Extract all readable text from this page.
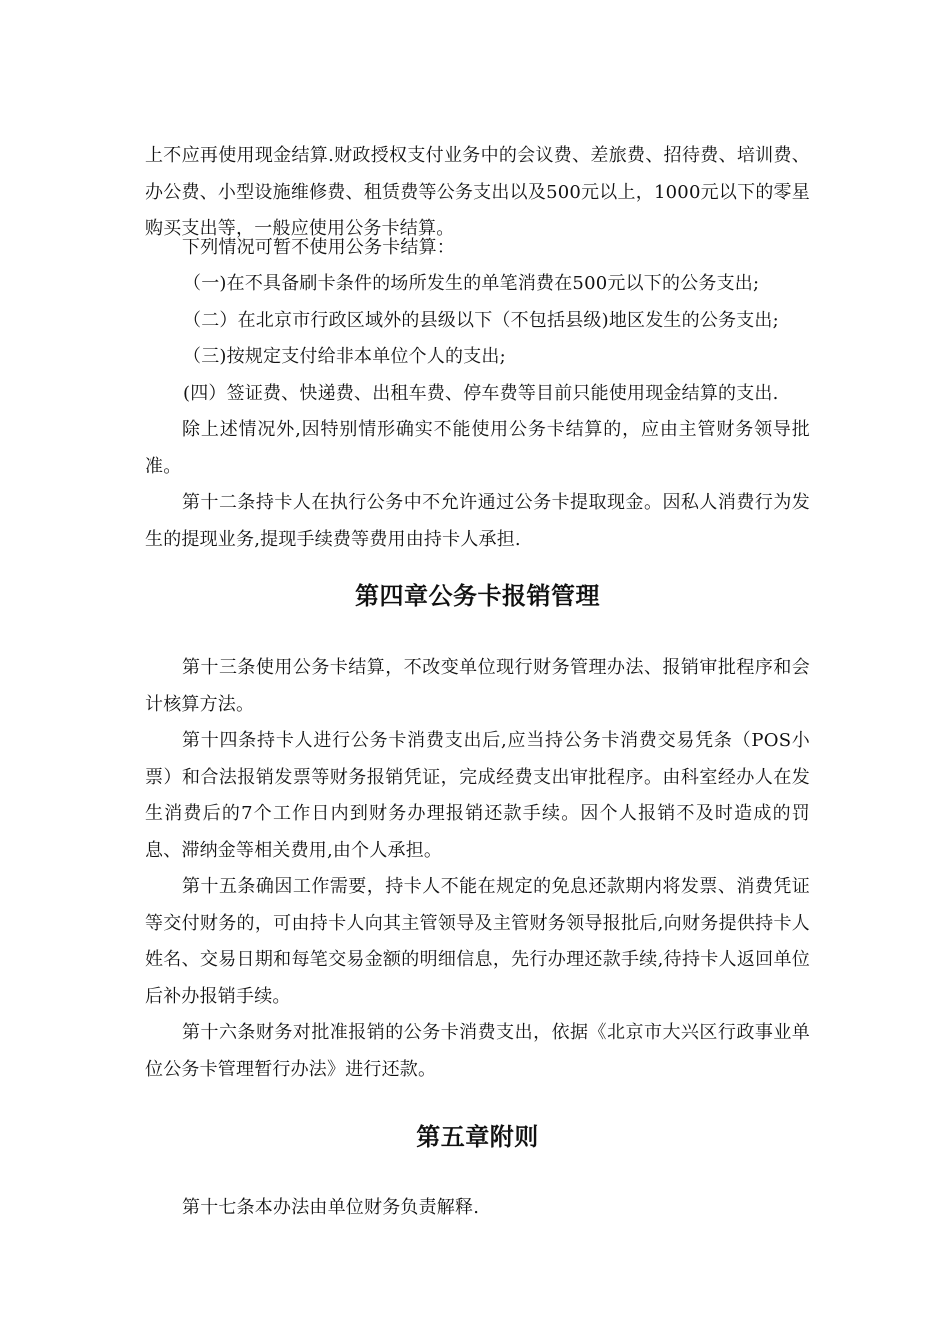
上不应再使用现金结算.财政授权支付业务中的会议费、差旅费、招待费、培训费、办公费、小型设施维修费、租赁费等公务支出以及500元以上，1000元以下的零星购买支出等，一般应使用公务卡结算。

下列情况可暂不使用公务卡结算：

（一)在不具备刷卡条件的场所发生的单笔消费在500元以下的公务支出;

（二）在北京市行政区域外的县级以下（不包括县级)地区发生的公务支出;

（三)按规定支付给非本单位个人的支出;

(四）签证费、快递费、出租车费、停车费等目前只能使用现金结算的支出.

除上述情况外,因特别情形确实不能使用公务卡结算的，应由主管财务领导批准。

第十二条持卡人在执行公务中不允许通过公务卡提取现金。因私人消费行为发生的提现业务,提现手续费等费用由持卡人承担.

第四章公务卡报销管理

第十三条使用公务卡结算，不改变单位现行财务管理办法、报销审批程序和会计核算方法。

第十四条持卡人进行公务卡消费支出后,应当持公务卡消费交易凭条（POS小票）和合法报销发票等财务报销凭证，完成经费支出审批程序。由科室经办人在发生消费后的7个工作日内到财务办理报销还款手续。因个人报销不及时造成的罚息、滞纳金等相关费用,由个人承担。

第十五条确因工作需要，持卡人不能在规定的免息还款期内将发票、消费凭证等交付财务的，可由持卡人向其主管领导及主管财务领导报批后,向财务提供持卡人姓名、交易日期和每笔交易金额的明细信息，先行办理还款手续,待持卡人返回单位后补办报销手续。

第十六条财务对批准报销的公务卡消费支出，依据《北京市大兴区行政事业单位公务卡管理暂行办法》进行还款。

第五章附则

第十七条本办法由单位财务负责解释.
